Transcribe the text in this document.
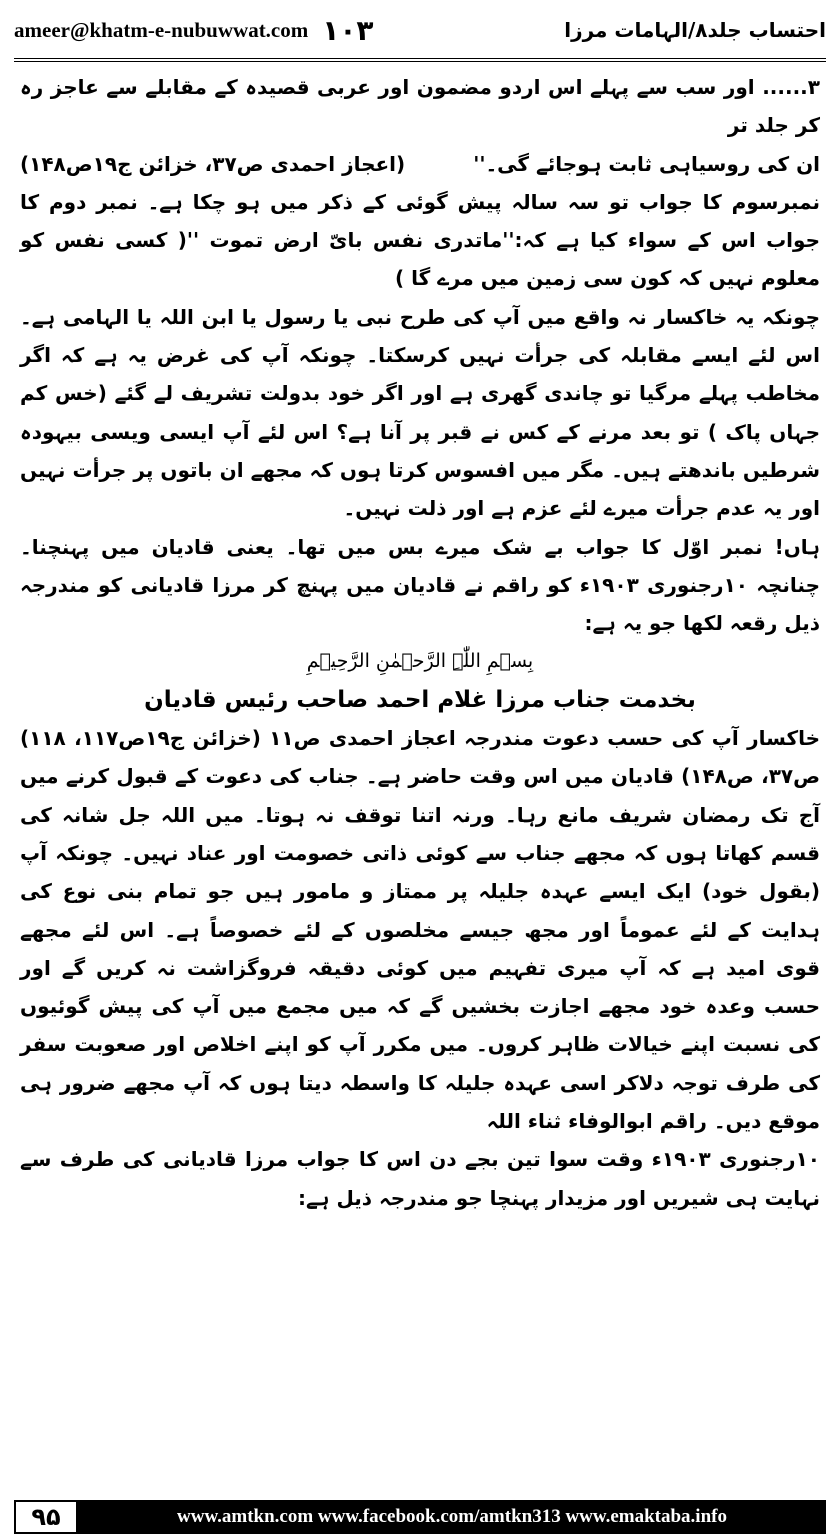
ameer@khatm-e-nubuwwat.com ۱۰۳	احتساب جلد۸/الہامات مرزا

۳...... اور سب سے پہلے اس اردو مضمون اور عربی قصیدہ کے مقابلے سے عاجز رہ کر جلد تر

ان کی روسیاہی ثابت ہوجائے گی۔''
(اعجاز احمدی ص۳۷، خزائن ج۱۹ص۱۴۸)

نمبرسوم کا جواب تو سہ سالہ پیش گوئی کے ذکر میں ہو چکا ہے۔ نمبر دوم کا جواب اس کے سواء کیا ہے کہ:''ماتدری نفس بایّ ارض تموت ''( کسی نفس کو معلوم نہیں کہ کون سی زمین میں مرے گا )

چونکہ یہ خاکسار نہ واقع میں آپ کی طرح نبی یا رسول یا ابن اللہ یا الہامی ہے۔ اس لئے ایسے مقابلہ کی جرأت نہیں کرسکتا۔ چونکہ آپ کی غرض یہ ہے کہ اگر مخاطب پہلے مرگیا تو چاندی گھری ہے اور اگر خود بدولت تشریف لے گئے (خس کم جہاں پاک ) تو بعد مرنے کے کس نے قبر پر آنا ہے؟ اس لئے آپ ایسی ویسی بیہودہ شرطیں باندھتے ہیں۔ مگر میں افسوس کرتا ہوں کہ مجھے ان باتوں پر جرأت نہیں اور یہ عدم جرأت میرے لئے عزم ہے اور ذلت نہیں۔

ہاں! نمبر اوّل کا جواب بے شک میرے بس میں تھا۔ یعنی قادیان میں پہنچنا۔ چنانچہ ۱۰رجنوری ۱۹۰۳ء کو راقم نے قادیان میں پہنچ کر مرزا قادیانی کو مندرجہ ذیل رقعہ لکھا جو یہ ہے:

بِسۡمِ اللّٰہِ الرَّحۡمٰنِ الرَّحِیۡمِ

بخدمت جناب مرزا غلام احمد صاحب رئیس قادیان

خاکسار آپ کی حسب دعوت مندرجہ اعجاز احمدی ص۱۱ (خزائن ج۱۹ص۱۱۷، ۱۱۸) ص۳۷، ص۱۴۸) قادیان میں اس وقت حاضر ہے۔ جناب کی دعوت کے قبول کرنے میں آج تک رمضان شریف مانع رہا۔ ورنہ اتنا توقف نہ ہوتا۔ میں اللہ جل شانہ کی قسم کھاتا ہوں کہ مجھے جناب سے کوئی ذاتی خصومت اور عناد نہیں۔ چونکہ آپ (بقول خود) ایک ایسے عہدہ جلیلہ پر ممتاز و مامور ہیں جو تمام بنی نوع کی ہدایت کے لئے عموماً اور مجھ جیسے مخلصوں کے لئے خصوصاً ہے۔ اس لئے مجھے قوی امید ہے کہ آپ میری تفہیم میں کوئی دقیقہ فروگزاشت نہ کریں گے اور حسب وعدہ خود مجھے اجازت بخشیں گے کہ میں مجمع میں آپ کی پیش گوئیوں کی نسبت اپنے خیالات ظاہر کروں۔ میں مکرر آپ کو اپنے اخلاص اور صعوبت سفر کی طرف توجہ دلاکر اسی عہدہ جلیلہ کا واسطہ دیتا ہوں کہ آپ مجھے ضرور ہی موقع دیں۔ راقم ابوالوفاء ثناء اللہ

۱۰رجنوری ۱۹۰۳ء وقت سوا تین بجے دن اس کا جواب مرزا قادیانی کی طرف سے نہایت ہی شیریں اور مزیدار پہنچا جو مندرجہ ذیل ہے:

۹۵	www.amtkn.com www.facebook.com/amtkn313 www.emaktaba.info
